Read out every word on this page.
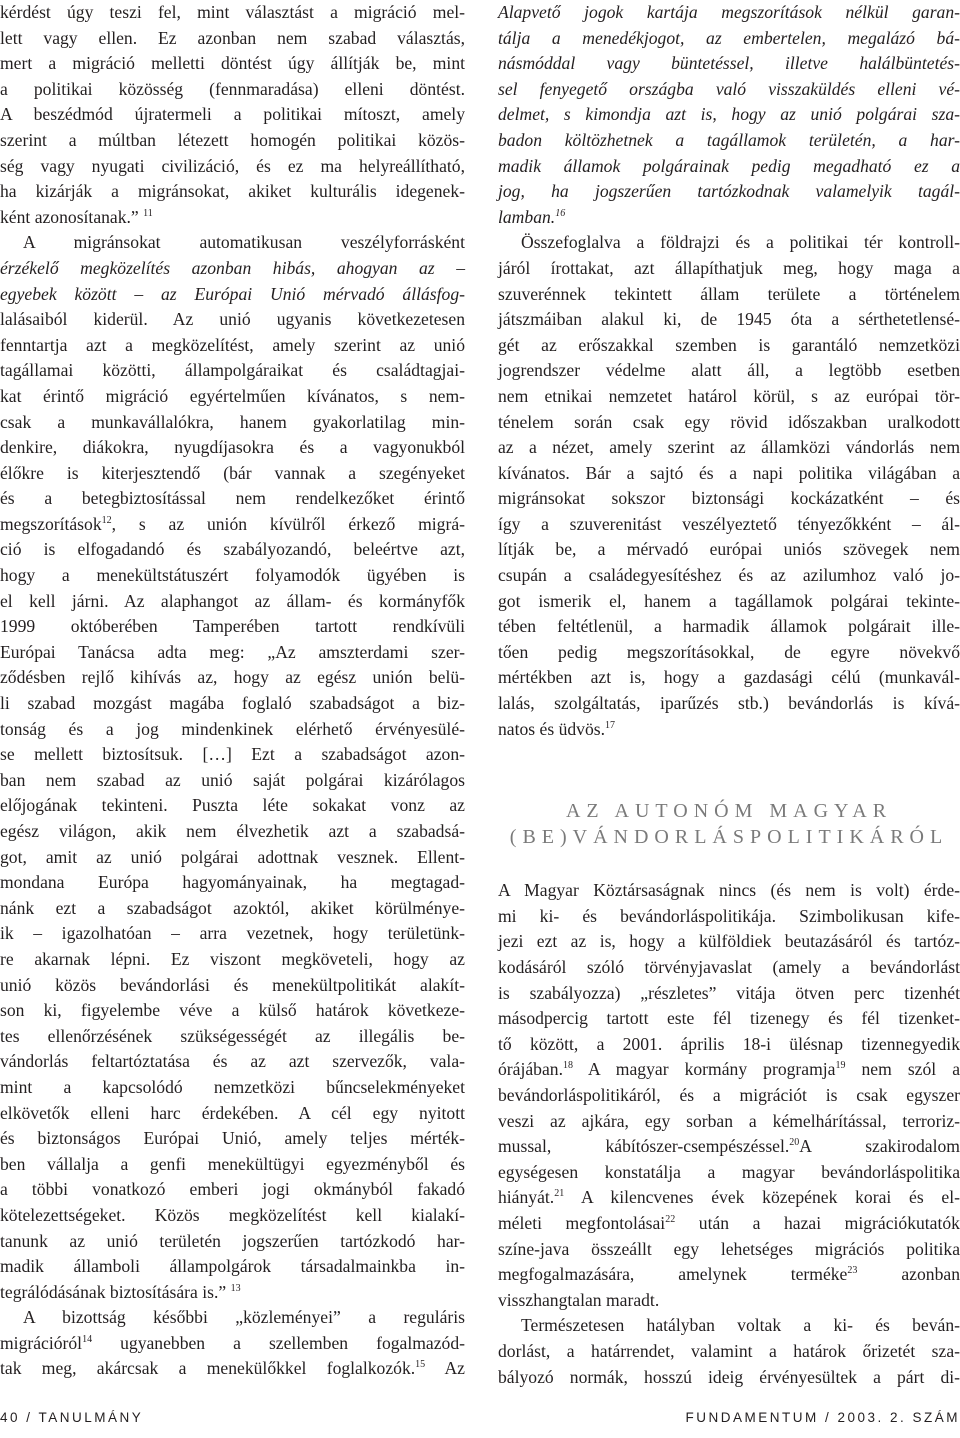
kérdést úgy teszi fel, mint választást a migráció mel-
lett vagy ellen. Ez azonban nem szabad választás,
mert a migráció melletti döntést úgy állítják be, mint
a politikai közösség (fennmaradása) elleni döntést.
A beszédmód újratermeli a politikai mítoszt, amely
szerint a múltban létezett homogén politikai közös-
ség vagy nyugati civilizáció, és ez ma helyreállítható,
ha kizárják a migránsokat, akiket kulturális idegenek-
ként azonosítanak.” $^{11}$
A migránsokat automatikusan veszélyforrásként
érzékelő megközelítés azonban hibás, ahogyan az –
egyebek között – az Európai Unió mérvadó állásfog-
lalásaiból kiderül. Az unió ugyanis következetesen
fenntartja azt a megközelítést, amely szerint az unió
tagállamai közötti, állampolgáraikat és családtagjai-
kat érintő migráció egyértelműen kívánatos, s nem-
csak a munkavállalókra, hanem gyakorlatilag min-
denkire, diákokra, nyugdíjasokra és a vagyonukból
élőkre is kiterjesztendő (bár vannak a szegényeket
és a betegbiztosítással nem rendelkezőket érintő
megszorítások$^{12}$, s az unión kívülről érkező migrá-
ció is elfogadandó és szabályozandó, beleértve azt,
hogy a menekültstátuszért folyamodók ügyében is
el kell járni. Az alaphangot az állam- és kormányfők
1999 októberében Tamperében tartott rendkívüli
Európai Tanácsa adta meg: „Az amszterdami szer-
ződésben rejlő kihívás az, hogy az egész unión belü-
li szabad mozgást magába foglaló szabadságot a biz-
tonság és a jog mindenkinek elérhető érvényesülé-
se mellett biztosítsuk. […] Ezt a szabadságot azon-
ban nem szabad az unió saját polgárai kizárólagos
előjogának tekinteni. Puszta léte sokakat vonz az
egész világon, akik nem élvezhetik azt a szabadsá-
got, amit az unió polgárai adottnak vesznek. Ellent-
mondana Európa hagyományainak, ha megtagad-
nánk ezt a szabadságot azoktól, akiket körülménye-
ik – igazolhatóan – arra vezetnek, hogy területünk-
re akarnak lépni. Ez viszont megköveteli, hogy az
unió közös bevándorlási és menekültpolitikát alakít-
son ki, figyelembe véve a külső határok következe-
tes ellenőrzésének szükségességét az illegális be-
vándorlás feltartóztatása és az azt szervezők, vala-
mint a kapcsolódó nemzetközi bűncselekményeket
elkövetők elleni harc érdekében. A cél egy nyitott
és biztonságos Európai Unió, amely teljes mérték-
ben vállalja a genfi menekültügyi egyezményből és
a többi vonatkozó emberi jogi okmányból fakadó
kötelezettségeket. Közös megközelítést kell kialakí-
tanunk az unió területén jogszerűen tartózkodó har-
madik államboli állampolgárok társadalmainkba in-
tegrálódásának biztosítására is.” $^{13}$
A bizottság későbbi „közleményei” a reguláris
migrációról$^{14}$ ugyanebben a szellemben fogalmazód-
tak meg, akárcsak a menekülőkkel foglalkozók.$^{15}$ Az
Alapvető jogok kartája megszorítások nélkül garan-
tálja a menedékjogot, az embertelen, megalázó bá-
násmóddal vagy büntetéssel, illetve halálbüntetés-
sel fenyegető országba való visszaküldés elleni vé-
delmet, s kimondja azt is, hogy az unió polgárai sza-
badon költözhetnek a tagállamok területén, a har-
madik államok polgárainak pedig megadható ez a
jog, ha jogszerűen tartózkodnak valamelyik tagál-
lamban.$^{16}$
Összefoglalva a földrajzi és a politikai tér kontroll-
járól írottakat, azt állapíthatjuk meg, hogy maga a
szuverénnek tekintett állam területe a történelem
játszmáiban alakul ki, de 1945 óta a sérthetetlensé-
gét az erőszakkal szemben is garantáló nemzetközi
jogrendszer védelme alatt áll, a legtöbb esetben
nem etnikai nemzetet határol körül, s az európai tör-
ténelem során csak egy rövid időszakban uralkodott
az a nézet, amely szerint az államközi vándorlás nem
kívánatos. Bár a sajtó és a napi politika világában a
migránsokat sokszor biztonsági kockázatként – és
így a szuverenitást veszélyeztető tényezőkként – ál-
lítják be, a mérvadó európai uniós szövegek nem
csupán a családegyesítéshez és az azilumhoz való jo-
got ismerik el, hanem a tagállamok polgárai tekinte-
tében feltétlenül, a harmadik államok polgárait ille-
tően pedig megszorításokkal, de egyre növekvő
mértékben azt is, hogy a gazdasági célú (munkavál-
lalás, szolgáltatás, iparűzés stb.) bevándorlás is kívá-
natos és üdvös.$^{17}$
AZ AUTONÓM MAGYAR
(BE)VÁNDORLÁSPOLITIKÁRÓL
A Magyar Köztársaságnak nincs (és nem is volt) érde-
mi ki- és bevándorláspolitikája. Szimbolikusan kife-
jezi ezt az is, hogy a külföldiek beutazásáról és tartóz-
kodásáról szóló törvényjavaslat (amely a bevándorlást
is szabályozza) „részletes” vitája ötven perc tizenhét
másodpercig tartott este fél tizenegy és fél tizenket-
tő között, a 2001. április 18-i ülésnap tizennegyedik
órájában.$^{18}$ A magyar kormány programja$^{19}$ nem szól a
bevándorláspolitikáról, és a migrációt is csak egyszer
veszi az ajkára, egy sorban a kémelhárítással, terroriz-
mussal, kábítószer-csempészéssel.$^{20}$A szakirodalom
egységesen konstatálja a magyar bevándorláspolitika
hiányát.$^{21}$ A kilencvenes évek közepének korai és el-
méleti megfontolásai$^{22}$ után a hazai migrációkutatók
színe-java összeállt egy lehetséges migrációs politika
megfogalmazására, amelynek terméke$^{23}$ azonban
visszhangtalan maradt.
Természetesen hatályban voltak a ki- és beván-
dorlást, a határrendet, valamint a határok őrizetét sza-
bályozó normák, hosszú ideig érvényesültek a párt di-
40 / TANULMÁNY	FUNDAMENTUM / 2003. 2. SZÁM
